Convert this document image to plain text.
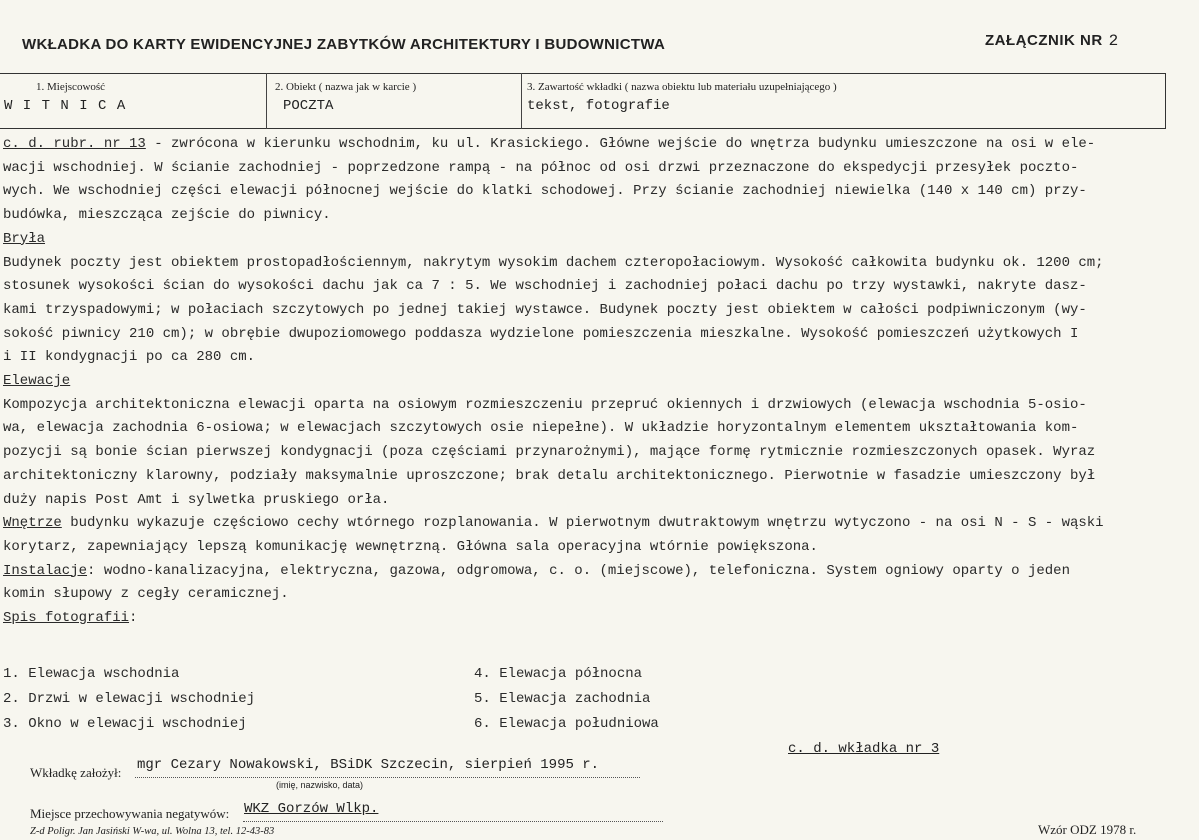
WKŁADKA DO KARTY EWIDENCYJNEJ ZABYTKÓW ARCHITEKTURY I BUDOWNICTWA	ZAŁĄCZNIK NR 2
1. Miejscowość
W I T N I C A
2. Obiekt ( nazwa jak w karcie )
POCZTA
3. Zawartość wkładki ( nazwa obiektu lub materiału uzupełniającego )
tekst, fotografie
c. d. rubr. nr 13 - zwrócona w kierunku wschodnim, ku ul. Krasickiego. Główne wejście do wnętrza budynku umieszczone na osi w ele-
wacji wschodniej. W ścianie zachodniej - poprzedzone rampą - na północ od osi drzwi przeznaczone do ekspedycji przesyłek poczto-
wych. We wschodniej części elewacji północnej wejście do klatki schodowej. Przy ścianie zachodniej niewielka (140 x 140 cm) przy-
budówka, mieszcząca zejście do piwnicy.
Bryła
Budynek poczty jest obiektem prostopadłościennym, nakrytym wysokim dachem czteropołaciowym. Wysokość całkowita budynku ok. 1200 cm;
stosunek wysokości ścian do wysokości dachu jak ca 7 : 5. We wschodniej i zachodniej połaci dachu po trzy wystawki, nakryte dasz-
kami trzyspadowymi; w połaciach szczytowych po jednej takiej wystawce. Budynek poczty jest obiektem w całości podpiwniczonym (wy-
sokość piwnicy 210 cm); w obrębie dwupoziomowego poddasza wydzielone pomieszczenia mieszkalne. Wysokość pomieszczeń użytkowych I
i II kondygnacji po ca 280 cm.
Elewacje
Kompozycja architektoniczna elewacji oparta na osiowym rozmieszczeniu przepruć okiennych i drzwiowych (elewacja wschodnia 5-osio-
wa, elewacja zachodnia 6-osiowa; w elewacjach szczytowych osie niepełne). W układzie horyzontalnym elementem ukształtowania kom-
pozycji są bonie ścian pierwszej kondygnacji (poza częściami przynarożnymi), mające formę rytmicznie rozmieszczonych opasek. Wyraz
architektoniczny klarowny, podziały maksymalnie uproszczone; brak detalu architektonicznego. Pierwotnie w fasadzie umieszczony był
duży napis Post Amt i sylwetka pruskiego orła.
Wnętrze budynku wykazuje częściowo cechy wtórnego rozplanowania. W pierwotnym dwutraktowym wnętrzu wytyczono - na osi N - S - wąski
korytarz, zapewniający lepszą komunikację wewnętrzną. Główna sala operacyjna wtórnie powiększona.
Instalacje: wodno-kanalizacyjna, elektryczna, gazowa, odgromowa, c. o. (miejscowe), telefoniczna. System ogniowy oparty o jeden
komin słupowy z cegły ceramicznej.
Spis fotografii:
1. Elewacja wschodnia
2. Drzwi w elewacji wschodniej
3. Okno w elewacji wschodniej
4. Elewacja północna
5. Elewacja zachodnia
6. Elewacja południowa
c. d. wkładka nr 3
Wkładkę założył: mgr Cezary Nowakowski, BSiDK Szczecin, sierpień 1995 r.
(imię, nazwisko, data)
Miejsce przechowywania negatywów: WKZ Gorzów Wlkp.
Z-d Poligr. Jan Jasiński W-wa, ul. Wolna 13, tel. 12-43-83	Wzór ODZ 1978 r.
